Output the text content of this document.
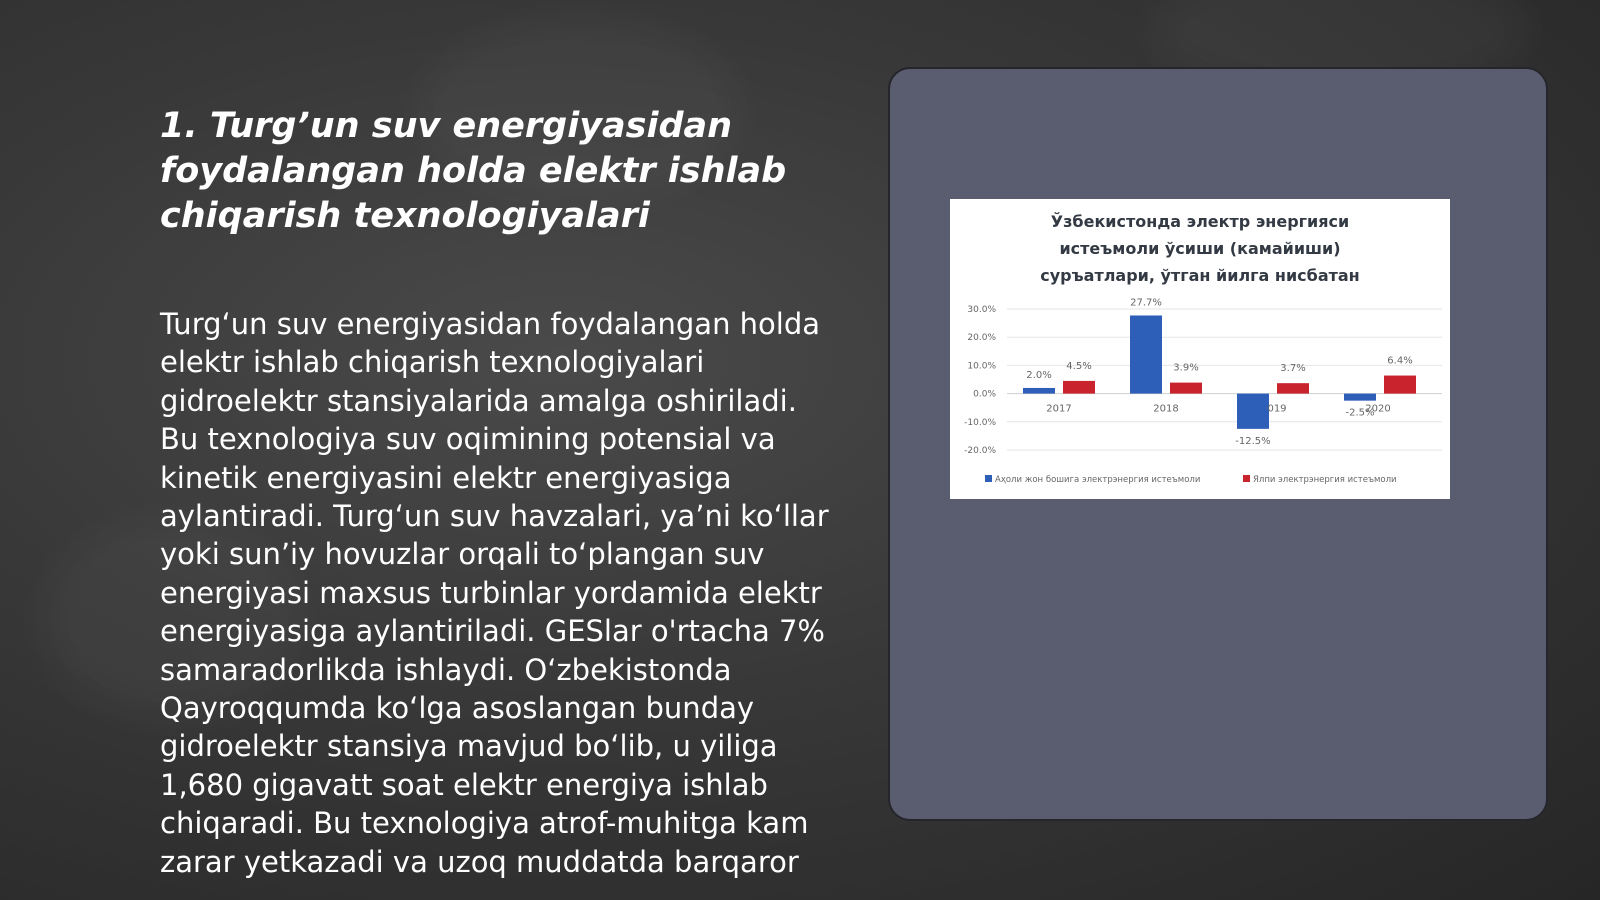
1. Turg’un suv energiyasidan foydalangan holda elektr ishlab chiqarish texnologiyalari

Turg‘un suv energiyasidan foydalangan holda elektr ishlab chiqarish texnologiyalari gidroelektr stansiyalarida amalga oshiriladi. Bu texnologiya suv oqimining potensial va kinetik energiyasini elektr energiyasiga aylantiradi. Turg‘un suv havzalari, ya’ni ko‘llar yoki sun’iy hovuzlar orqali to‘plangan suv energiyasi maxsus turbinlar yordamida elektr energiyasiga aylantiriladi. GESlar o'rtacha 7% samaradorlikda ishlaydi. O‘zbekistonda Qayroqqumda ko‘lga asoslangan bunday gidroelektr stansiya mavjud bo‘lib, u yiliga 1,680 gigavatt soat elektr energiya ishlab chiqaradi. Bu texnologiya atrof-muhitga kam zarar yetkazadi va uzoq muddatda barqaror

Ўзбекистонда электр энергияси
истеъмоли ўсиши (камайиши)
суръатлари, ўтган йилга нисбатан
30.0%
20.0%
10.0%
0.0%
-10.0%
-20.0%
2.0%
27.7%
-12.5%
-2.5%
4.5%	3.9%	3.7%
6.4%
2017	2018	019	2020
Аҳоли жон бошига электрэнергия истеъмоли	Ялпи электрэнергия истеъмоли
